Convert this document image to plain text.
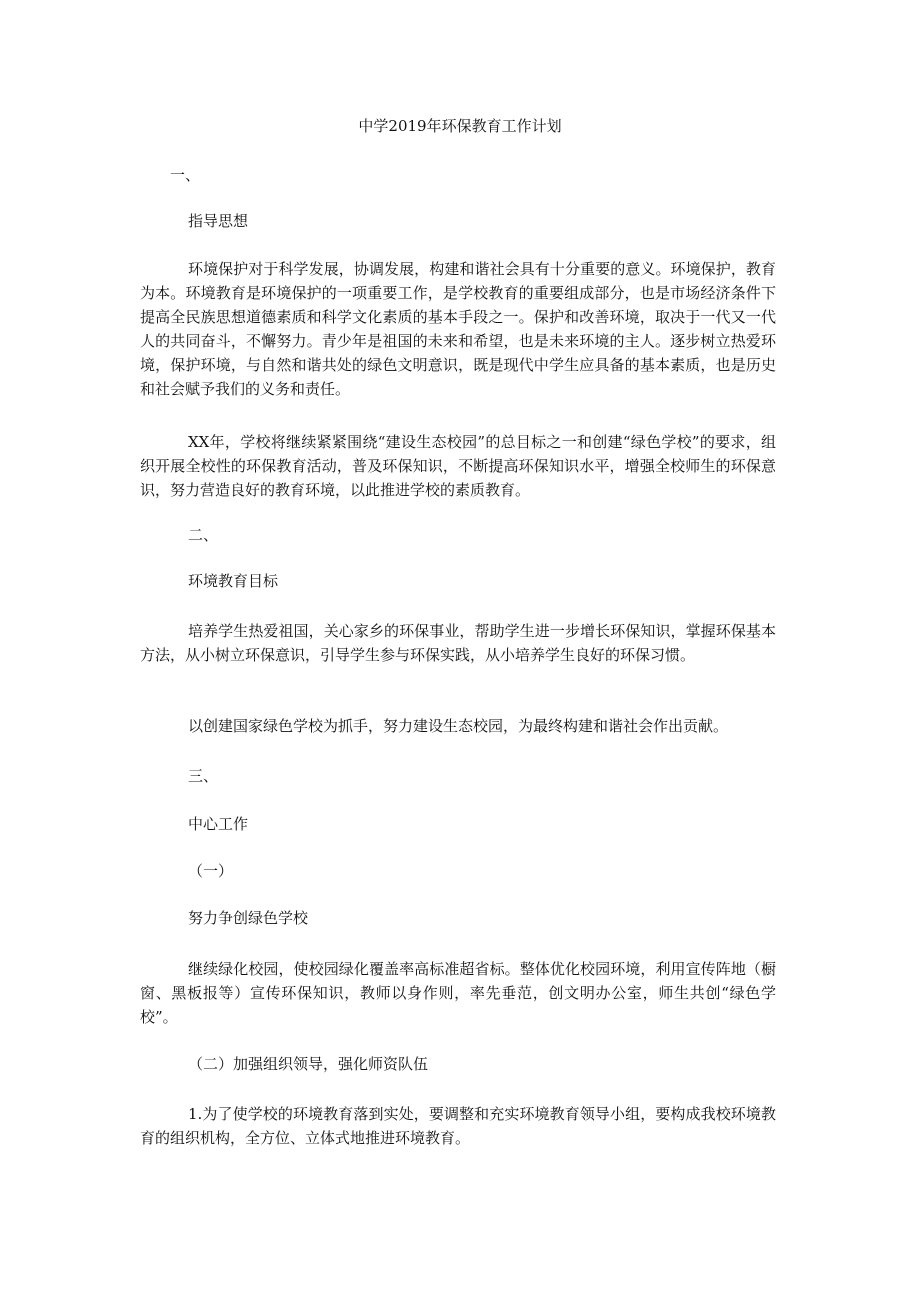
中学2019年环保教育工作计划
一、
指导思想
环境保护对于科学发展，协调发展，构建和谐社会具有十分重要的意义。环境保护，教育为本。环境教育是环境保护的一项重要工作，是学校教育的重要组成部分，也是市场经济条件下提高全民族思想道德素质和科学文化素质的基本手段之一。保护和改善环境，取决于一代又一代人的共同奋斗，不懈努力。青少年是祖国的未来和希望，也是未来环境的主人。逐步树立热爱环境，保护环境，与自然和谐共处的绿色文明意识，既是现代中学生应具备的基本素质，也是历史和社会赋予我们的义务和责任。
XX年，学校将继续紧紧围绕“建设生态校园”的总目标之一和创建“绿色学校”的要求，组织开展全校性的环保教育活动，普及环保知识，不断提高环保知识水平，增强全校师生的环保意识，努力营造良好的教育环境，以此推进学校的素质教育。
二、
环境教育目标
培养学生热爱祖国，关心家乡的环保事业，帮助学生进一步增长环保知识，掌握环保基本方法，从小树立环保意识，引导学生参与环保实践，从小培养学生良好的环保习惯。
以创建国家绿色学校为抓手，努力建设生态校园，为最终构建和谐社会作出贡献。
三、
中心工作
（一）
努力争创绿色学校
继续绿化校园，使校园绿化覆盖率高标准超省标。整体优化校园环境，利用宣传阵地（橱窗、黑板报等）宣传环保知识，教师以身作则，率先垂范，创文明办公室，师生共创“绿色学校”。
（二）加强组织领导，强化师资队伍
1.为了使学校的环境教育落到实处，要调整和充实环境教育领导小组，要构成我校环境教育的组织机构，全方位、立体式地推进环境教育。
